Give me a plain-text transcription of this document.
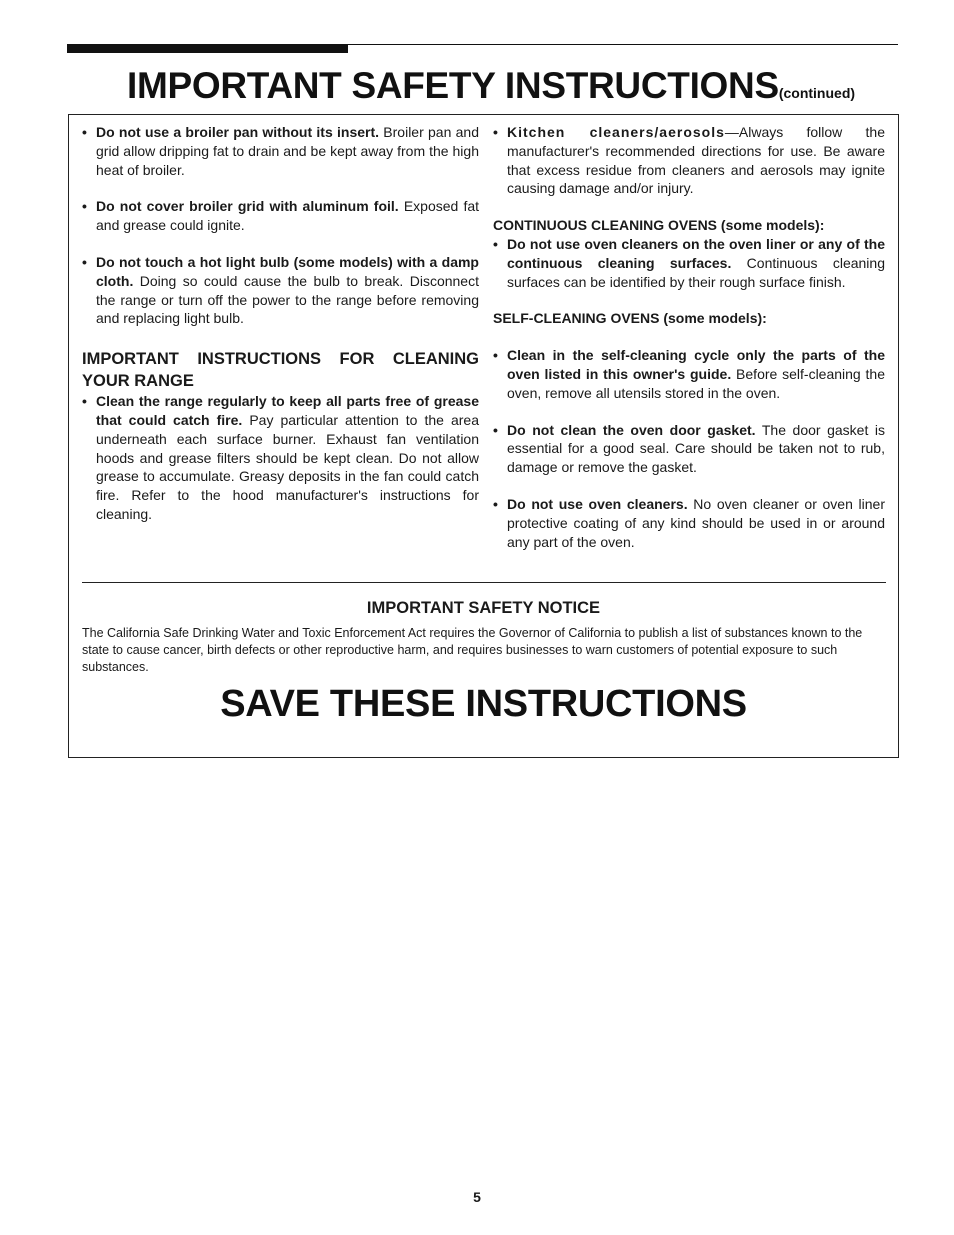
IMPORTANT SAFETY INSTRUCTIONS(continued)
• Do not use a broiler pan without its insert. Broiler pan and grid allow dripping fat to drain and be kept away from the high heat of broiler.
• Do not cover broiler grid with aluminum foil. Exposed fat and grease could ignite.
• Do not touch a hot light bulb (some models) with a damp cloth. Doing so could cause the bulb to break. Disconnect the range or turn off the power to the range before removing and replacing light bulb.
IMPORTANT INSTRUCTIONS FOR CLEANING YOUR RANGE
• Clean the range regularly to keep all parts free of grease that could catch fire. Pay particular attention to the area underneath each surface burner. Exhaust fan ventilation hoods and grease filters should be kept clean. Do not allow grease to accumulate. Greasy deposits in the fan could catch fire. Refer to the hood manufacturer's instructions for cleaning.
• Kitchen cleaners/aerosols—Always follow the manufacturer's recommended directions for use. Be aware that excess residue from cleaners and aerosols may ignite causing damage and/or injury.
CONTINUOUS CLEANING OVENS (some models):
• Do not use oven cleaners on the oven liner or any of the continuous cleaning surfaces. Continuous cleaning surfaces can be identified by their rough surface finish.
SELF-CLEANING OVENS (some models):
• Clean in the self-cleaning cycle only the parts of the oven listed in this owner's guide. Before self-cleaning the oven, remove all utensils stored in the oven.
• Do not clean the oven door gasket. The door gasket is essential for a good seal. Care should be taken not to rub, damage or remove the gasket.
• Do not use oven cleaners. No oven cleaner or oven liner protective coating of any kind should be used in or around any part of the oven.
IMPORTANT SAFETY NOTICE
The California Safe Drinking Water and Toxic Enforcement Act requires the Governor of California to publish a list of substances known to the state to cause cancer, birth defects or other reproductive harm, and requires businesses to warn customers of potential exposure to such substances.
SAVE THESE INSTRUCTIONS
5
